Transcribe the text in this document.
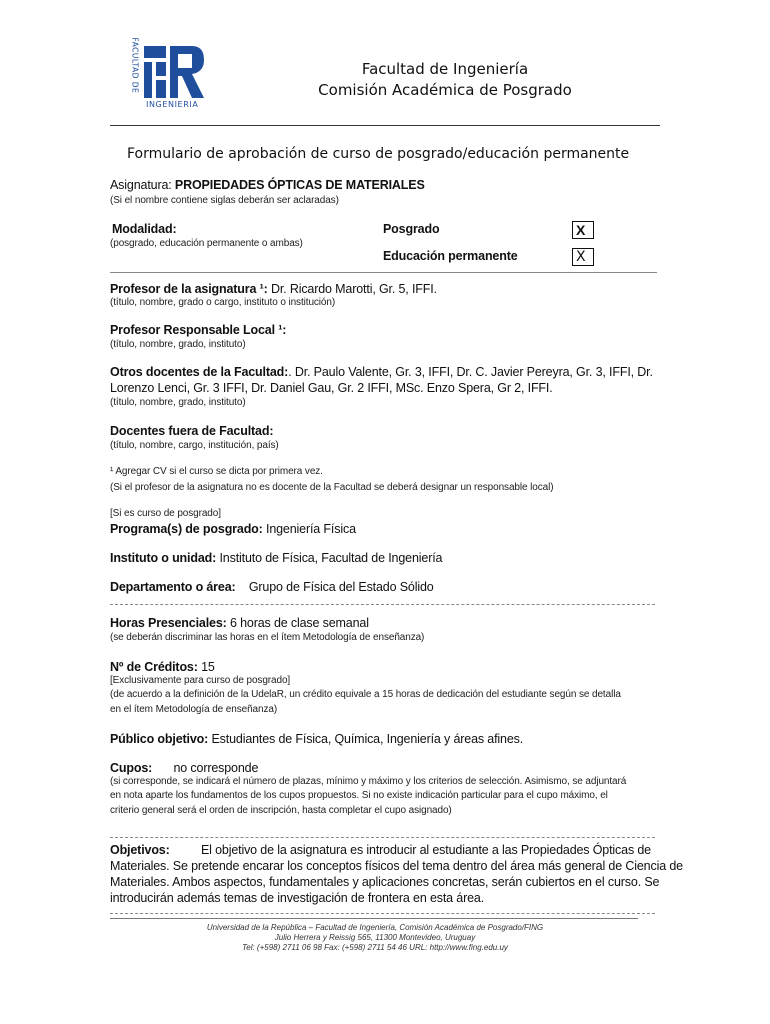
FACULTAD DE
INGENIERIA
Facultad de Ingeniería
Comisión Académica de Posgrado
Formulario de aprobación de curso de posgrado/educación permanente
Asignatura: PROPIEDADES ÓPTICAS DE MATERIALES
(Si el nombre contiene siglas deberán ser aclaradas)
Modalidad:
(posgrado, educación permanente o ambas)
Posgrado	X
Educación permanente	X
Profesor de la asignatura ¹: Dr. Ricardo Marotti, Gr. 5, IFFI.
(título, nombre, grado o cargo, instituto o institución)
Profesor Responsable Local ¹:
(título, nombre, grado, instituto)
Otros docentes de la Facultad:. Dr. Paulo Valente, Gr. 3, IFFI, Dr. C. Javier Pereyra, Gr. 3, IFFI, Dr.
Lorenzo Lenci, Gr. 3 IFFI, Dr. Daniel Gau, Gr. 2 IFFI, MSc. Enzo Spera, Gr 2, IFFI.
(título, nombre, grado, instituto)
Docentes fuera de Facultad:
(título, nombre, cargo, institución, país)
¹ Agregar CV si el curso se dicta por primera vez.
(Si el profesor de la asignatura no es docente de la Facultad se deberá designar un responsable local)
[Si es curso de posgrado]
Programa(s) de posgrado: Ingeniería Física
Instituto o unidad: Instituto de Física, Facultad de Ingeniería
Departamento o área: Grupo de Física del Estado Sólido
Horas Presenciales: 6 horas de clase semanal
(se deberán discriminar las horas en el ítem Metodología de enseñanza)
Nº de Créditos: 15
[Exclusivamente para curso de posgrado]
(de acuerdo a la definición de la UdelaR, un crédito equivale a 15 horas de dedicación del estudiante según se detalla
en el ítem Metodología de enseñanza)
Público objetivo: Estudiantes de Física, Química, Ingeniería y áreas afines.
Cupos: no corresponde
(si corresponde, se indicará el número de plazas, mínimo y máximo y los criterios de selección. Asimismo, se adjuntará
en nota aparte los fundamentos de los cupos propuestos. Si no existe indicación particular para el cupo máximo, el
criterio general será el orden de inscripción, hasta completar el cupo asignado)
Objetivos:	El objetivo de la asignatura es introducir al estudiante a las Propiedades Ópticas de
Materiales. Se pretende encarar los conceptos físicos del tema dentro del área más general de Ciencia de
Materiales. Ambos aspectos, fundamentales y aplicaciones concretas, serán cubiertos en el curso. Se
introducirán además temas de investigación de frontera en esta área.
Universidad de la República – Facultad de Ingeniería, Comisión Académica de Posgrado/FING
Julio Herrera y Reissig 565, 11300 Montevideo, Uruguay
Tel: (+598) 2711 06 98 Fax: (+598) 2711 54 46 URL: http://www.fing.edu.uy
